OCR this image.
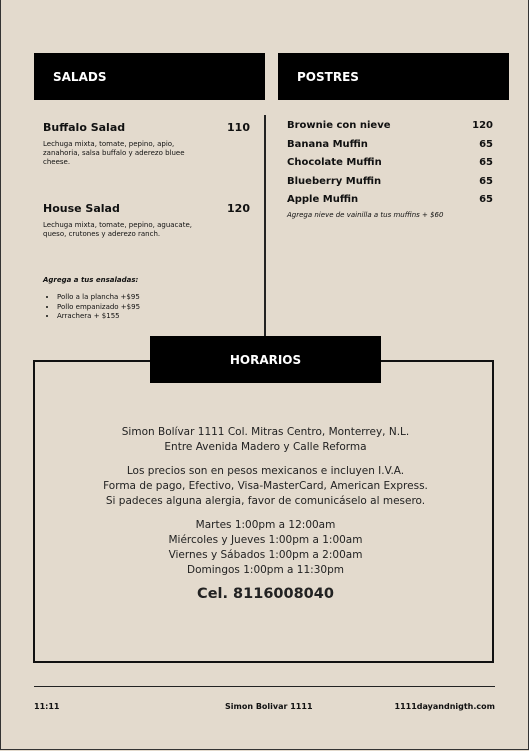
SALADS
Buffalo Salad	110
Lechuga mixta, tomate, pepino, apio, zanahoria, salsa buffalo y aderezo bluee cheese.
House Salad	120
Lechuga mixta, tomate, pepino, aguacate, queso, crutones y aderezo ranch.
Agrega a tus ensaladas:
• Pollo a la plancha +$95
• Pollo empanizado +$95
• Arrachera + $155
POSTRES
Brownie con nieve	120
Banana Muffin	65
Chocolate Muffin	65
Blueberry Muffin	65
Apple Muffin	65
Agrega nieve de vainilla a tus muffins + $60
HORARIOS
Simon Bolívar 1111 Col. Mitras Centro, Monterrey, N.L.
Entre Avenida Madero y Calle Reforma
Los precios son en pesos mexicanos e incluyen I.V.A.
Forma de pago, Efectivo, Visa-MasterCard, American Express.
Si padeces alguna alergia, favor de comunicáselo al mesero.
Martes 1:00pm a 12:00am
Miércoles y Jueves 1:00pm a 1:00am
Viernes y Sábados 1:00pm a 2:00am
Domingos 1:00pm a 11:30pm
Cel. 8116008040
11:11	Simon Bolivar 1111	1111dayandnigth.com
